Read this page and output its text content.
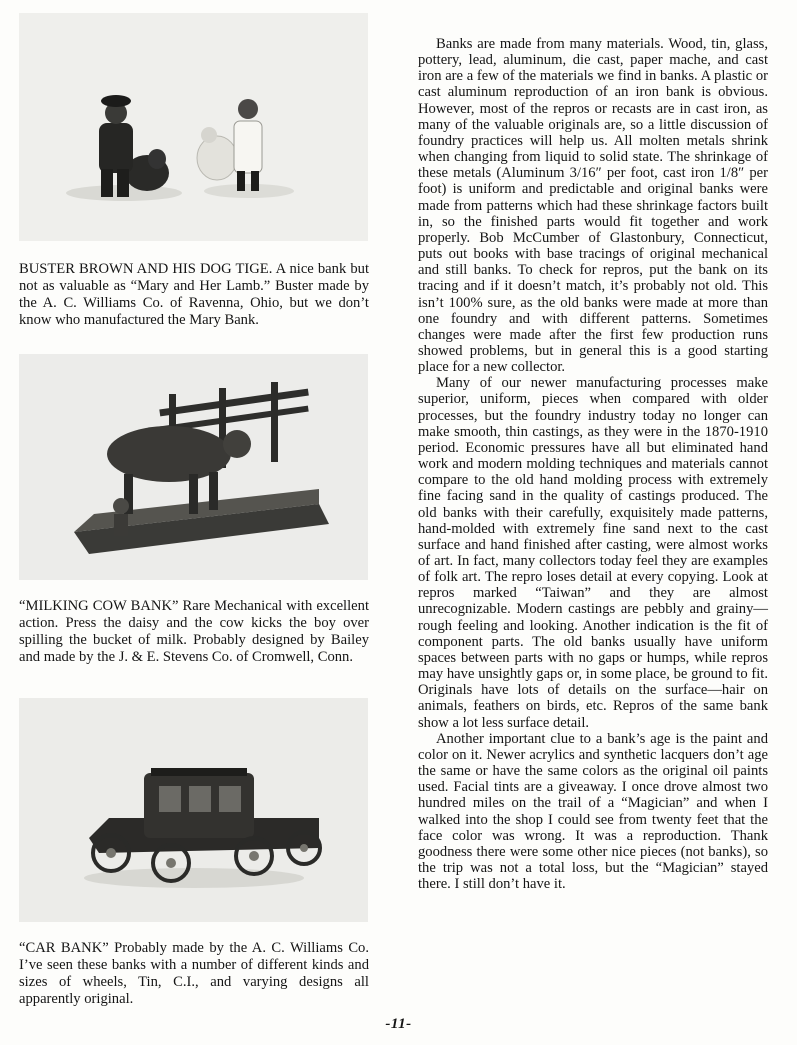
BUSTER BROWN AND HIS DOG TIGE. A nice bank but not as valuable as “Mary and Her Lamb.” Buster made by the A. C. Williams Co. of Ravenna, Ohio, but we don’t know who manufactured the Mary Bank.

“MILKING COW BANK” Rare Mechanical with excellent action. Press the daisy and the cow kicks the boy over spilling the bucket of milk. Probably designed by Bailey and made by the J. & E. Stevens Co. of Cromwell, Conn.

“CAR BANK” Probably made by the A. C. Williams Co. I’ve seen these banks with a number of different kinds and sizes of wheels, Tin, C.I., and varying designs all apparently original.

Banks are made from many materials. Wood, tin, glass, pottery, lead, aluminum, die cast, paper mache, and cast iron are a few of the materials we find in banks. A plastic or cast aluminum reproduction of an iron bank is obvious. However, most of the repros or recasts are in cast iron, as many of the valuable originals are, so a little discussion of foundry practices will help us. All molten metals shrink when changing from liquid to solid state. The shrinkage of these metals (Aluminum 3/16″ per foot, cast iron 1/8″ per foot) is uniform and predictable and original banks were made from patterns which had these shrinkage factors built in, so the finished parts would fit together and work properly. Bob McCumber of Glastonbury, Connecticut, puts out books with base tracings of original mechanical and still banks. To check for repros, put the bank on its tracing and if it doesn’t match, it’s probably not old. This isn’t 100% sure, as the old banks were made at more than one foundry and with different patterns. Sometimes changes were made after the first few production runs showed problems, but in general this is a good starting place for a new collector.

Many of our newer manufacturing processes make superior, uniform, pieces when compared with older processes, but the foundry industry today no longer can make smooth, thin castings, as they were in the 1870-1910 period. Economic pressures have all but eliminated hand work and modern molding techniques and materials cannot compare to the old hand molding process with extremely fine facing sand in the quality of castings produced. The old banks with their carefully, exquisitely made patterns, hand-molded with extremely fine sand next to the cast surface and hand finished after casting, were almost works of art. In fact, many collectors today feel they are examples of folk art. The repro loses detail at every copying. Look at repros marked “Taiwan” and they are almost unrecognizable. Modern castings are pebbly and grainy—rough feeling and looking. Another indication is the fit of component parts. The old banks usually have uniform spaces between parts with no gaps or humps, while repros may have unsightly gaps or, in some place, be ground to fit. Originals have lots of details on the surface—hair on animals, feathers on birds, etc. Repros of the same bank show a lot less surface detail.

Another important clue to a bank’s age is the paint and color on it. Newer acrylics and synthetic lacquers don’t age the same or have the same colors as the original oil paints used. Facial tints are a giveaway. I once drove almost two hundred miles on the trail of a “Magician” and when I walked into the shop I could see from twenty feet that the face color was wrong. It was a reproduction. Thank goodness there were some other nice pieces (not banks), so the trip was not a total loss, but the “Magician” stayed there. I still don’t have it.

-11-
